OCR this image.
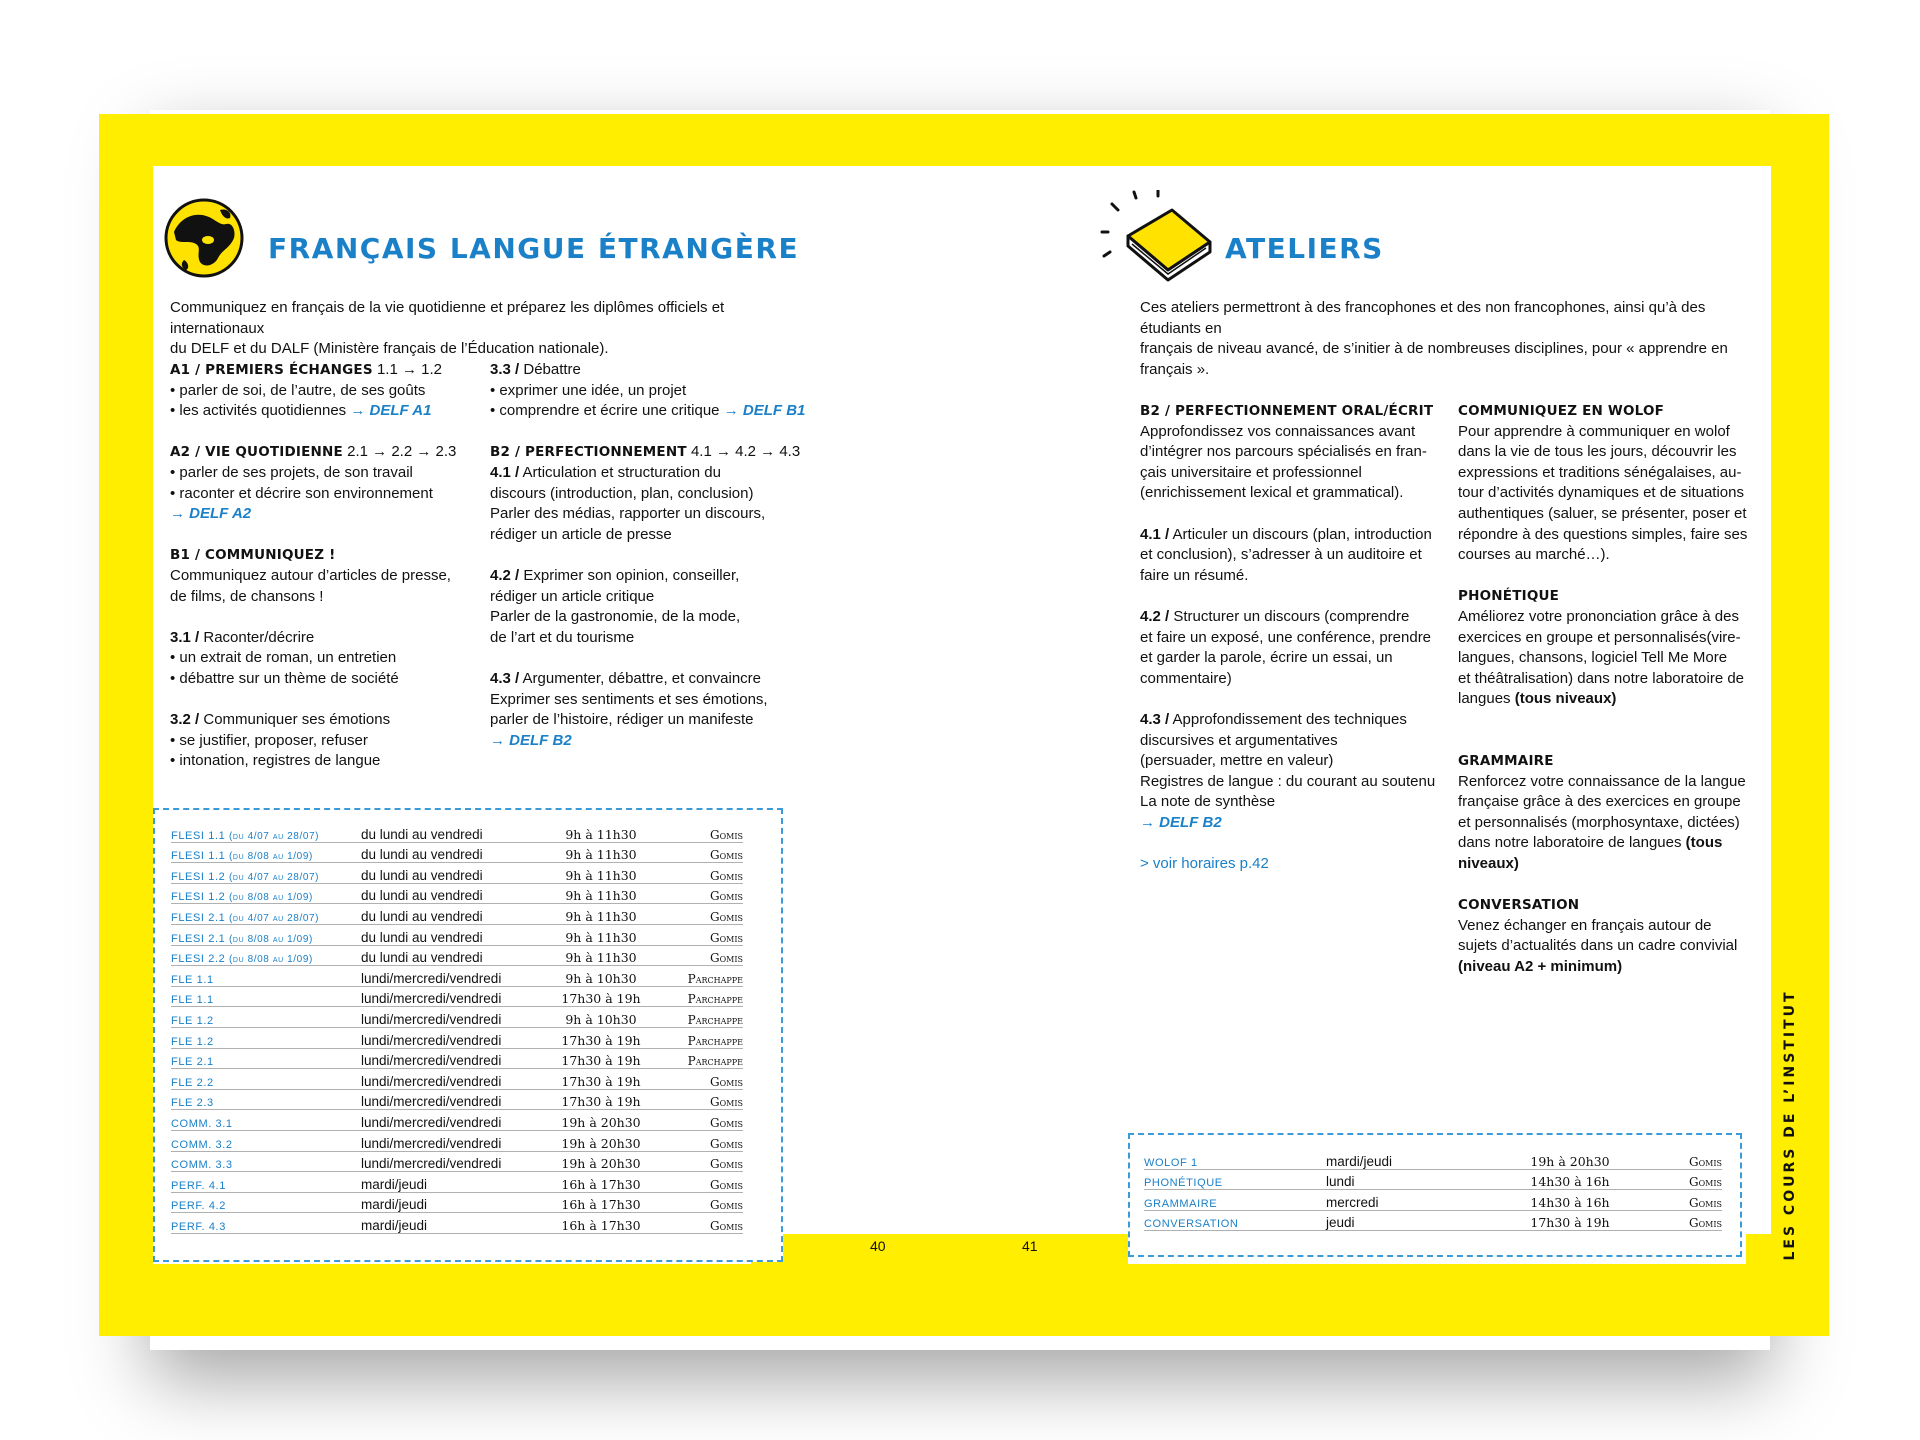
FRANÇAIS LANGUE ÉTRANGÈRE
Communiquez en français de la vie quotidienne et préparez les diplômes officiels et internationaux
du DELF et du DALF (Ministère français de l’Éducation nationale).
A1 / PREMIERS ÉCHANGES 1.1 → 1.2
• parler de soi, de l’autre, de ses goûts
• les activités quotidiennes → DELF A1
A2 / VIE QUOTIDIENNE 2.1 → 2.2 → 2.3
• parler de ses projets, de son travail
• raconter et décrire son environnement
→ DELF A2
B1 / COMMUNIQUEZ !
Communiquez autour d’articles de presse,
de films, de chansons !
3.1 / Raconter/décrire
• un extrait de roman, un entretien
• débattre sur un thème de société
3.2 / Communiquer ses émotions
• se justifier, proposer, refuser
• intonation, registres de langue
3.3 / Débattre
• exprimer une idée, un projet
• comprendre et écrire une critique → DELF B1
B2 / PERFECTIONNEMENT 4.1 → 4.2 → 4.3
4.1 / Articulation et structuration du
discours (introduction, plan, conclusion)
Parler des médias, rapporter un discours,
rédiger un article de presse
4.2 / Exprimer son opinion, conseiller,
rédiger un article critique
Parler de la gastronomie, de la mode,
de l’art et du tourisme
4.3 / Argumenter, débattre, et convaincre
Exprimer ses sentiments et ses émotions,
parler de l’histoire, rédiger un manifeste
→ DELF B2
FLESI 1.1 (du 4/07 au 28/07)	du lundi au vendredi	9h à 11h30	Gomis
FLESI 1.1 (du 8/08 au 1/09)	du lundi au vendredi	9h à 11h30	Gomis
FLESI 1.2 (du 4/07 au 28/07)	du lundi au vendredi	9h à 11h30	Gomis
FLESI 1.2 (du 8/08 au 1/09)	du lundi au vendredi	9h à 11h30	Gomis
FLESI 2.1 (du 4/07 au 28/07)	du lundi au vendredi	9h à 11h30	Gomis
FLESI 2.1 (du 8/08 au 1/09)	du lundi au vendredi	9h à 11h30	Gomis
FLESI 2.2 (du 8/08 au 1/09)	du lundi au vendredi	9h à 11h30	Gomis
FLE 1.1	lundi/mercredi/vendredi	9h à 10h30	Parchappe
FLE 1.1	lundi/mercredi/vendredi	17h30 à 19h	Parchappe
FLE 1.2	lundi/mercredi/vendredi	9h à 10h30	Parchappe
FLE 1.2	lundi/mercredi/vendredi	17h30 à 19h	Parchappe
FLE 2.1	lundi/mercredi/vendredi	17h30 à 19h	Parchappe
FLE 2.2	lundi/mercredi/vendredi	17h30 à 19h	Gomis
FLE 2.3	lundi/mercredi/vendredi	17h30 à 19h	Gomis
COMM. 3.1	lundi/mercredi/vendredi	19h à 20h30	Gomis
COMM. 3.2	lundi/mercredi/vendredi	19h à 20h30	Gomis
COMM. 3.3	lundi/mercredi/vendredi	19h à 20h30	Gomis
PERF. 4.1	mardi/jeudi	16h à 17h30	Gomis
PERF. 4.2	mardi/jeudi	16h à 17h30	Gomis
PERF. 4.3	mardi/jeudi	16h à 17h30	Gomis
40	41
ATELIERS
Ces ateliers permettront à des francophones et des non francophones, ainsi qu’à des étudiants en
français de niveau avancé, de s’initier à de nombreuses disciplines, pour « apprendre en français ».
B2 / PERFECTIONNEMENT ORAL/ÉCRIT
Approfondissez vos connaissances avant
d’intégrer nos parcours spécialisés en fran-
çais universitaire et professionnel
(enrichissement lexical et grammatical).
4.1 / Articuler un discours (plan, introduction
et conclusion), s’adresser à un auditoire et
faire un résumé.
4.2 / Structurer un discours (comprendre
et faire un exposé, une conférence, prendre
et garder la parole, écrire un essai, un
commentaire)
4.3 / Approfondissement des techniques
discursives et argumentatives
(persuader, mettre en valeur)
Registres de langue : du courant au soutenu
La note de synthèse
→ DELF B2
> voir horaires p.42
COMMUNIQUEZ EN WOLOF
Pour apprendre à communiquer en wolof
dans la vie de tous les jours, découvrir les
expressions et traditions sénégalaises, au-
tour d’activités dynamiques et de situations
authentiques (saluer, se présenter, poser et
répondre à des questions simples, faire ses
courses au marché…).
PHONÉTIQUE
Améliorez votre prononciation grâce à des
exercices en groupe et personnalisés(vire-
langues, chansons, logiciel Tell Me More
et théâtralisation) dans notre laboratoire de
langues (tous niveaux)
GRAMMAIRE
Renforcez votre connaissance de la langue
française grâce à des exercices en groupe
et personnalisés (morphosyntaxe, dictées)
dans notre laboratoire de langues (tous
niveaux)
CONVERSATION
Venez échanger en français autour de
sujets d’actualités dans un cadre convivial
(niveau A2 + minimum)
WOLOF 1	mardi/jeudi	19h à 20h30	Gomis
PHONÉTIQUE	lundi	14h30 à 16h	Gomis
GRAMMAIRE	mercredi	14h30 à 16h	Gomis
CONVERSATION	jeudi	17h30 à 19h	Gomis	LES COURS DE L’INSTITUT
